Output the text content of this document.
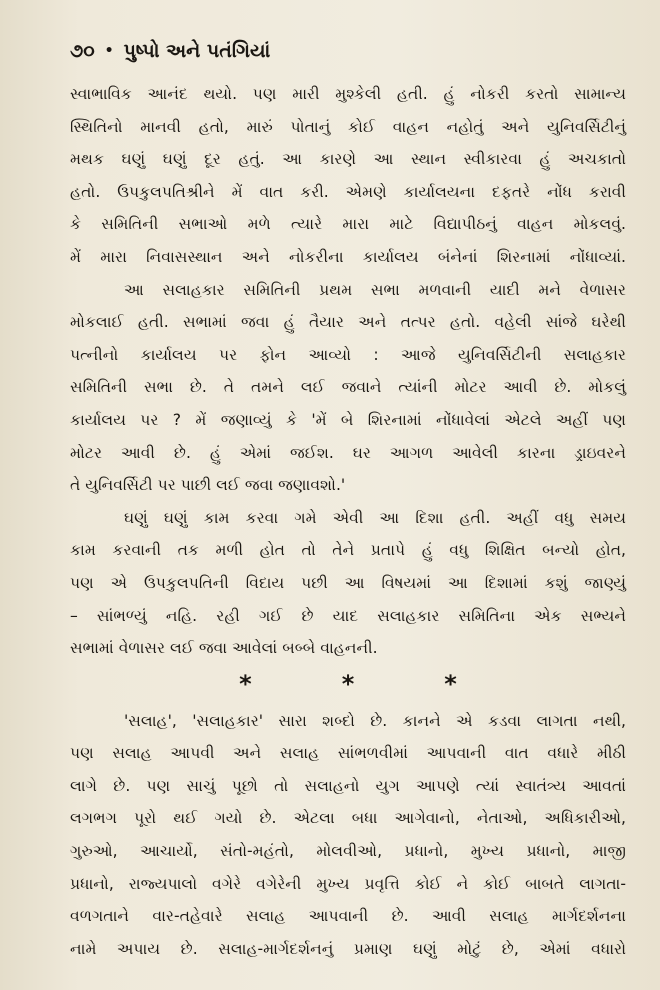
૭૦ • પુષ્પો અને પતંગિયાં

સ્વાભાવિક આનંદ થયો. પણ મારી મુશ્કેલી હતી. હું નોકરી કરતો સામાન્ય

સ્થિતિનો માનવી હતો, મારું પોતાનું કોઈ વાહન નહોતું અને યુનિવર્સિટીનું

મથક ઘણું ઘણું દૂર હતું. આ કારણે આ સ્થાન સ્વીકારવા હું અચકાતો

હતો. ઉપકુલપતિશ્રીને મેં વાત કરી. એમણે કાર્યાલયના દફતરે નોંધ કરાવી

કે સમિતિની સભાઓ મળે ત્યારે મારા માટે વિદ્યાપીઠનું વાહન મોકલવું.

મેં મારા નિવાસસ્થાન અને નોકરીના કાર્યાલય બંનેનાં શિરનામાં નોંધાવ્યાં.

આ સલાહકાર સમિતિની પ્રથમ સભા મળવાની યાદી મને વેળાસર

મોકલાઈ હતી. સભામાં જવા હું તૈયાર અને તત્પર હતો. વહેલી સાંજે ઘરેથી

પત્નીનો કાર્યાલય પર ફોન આવ્યો : આજે યુનિવર્સિટીની સલાહકાર

સમિતિની સભા છે. તે તમને લઈ જવાને ત્યાંની મોટર આવી છે. મોકલું

કાર્યાલય પર ? મેં જણાવ્યું કે 'મેં બે શિરનામાં નોંધાવેલાં એટલે અહીં પણ

મોટર આવી છે. હું એમાં જઈશ. ઘર આગળ આવેલી કારના ડ્રાઇવરને

તે યુનિવર્સિટી પર પાછી લઈ જવા જણાવશો.'

ઘણું ઘણું કામ કરવા ગમે એવી આ દિશા હતી. અહીં વધુ સમય

કામ કરવાની તક મળી હોત તો તેને પ્રતાપે હું વધુ શિક્ષિત બન્યો હોત,

પણ એ ઉપકુલપતિની વિદાય પછી આ વિષયમાં આ દિશામાં કશું જાણ્યું

– સાંભળ્યું નહિ. રહી ગઈ છે યાદ સલાહકાર સમિતિના એક સભ્યને

સભામાં વેળાસર લઈ જવા આવેલાં બબ્બે વાહનની.

*	*	*

'સલાહ', 'સલાહકાર' સારા શબ્દો છે. કાનને એ કડવા લાગતા નથી,

પણ સલાહ આપવી અને સલાહ સાંભળવીમાં આપવાની વાત વધારે મીઠી

લાગે છે. પણ સાચું પૂછો તો સલાહનો યુગ આપણે ત્યાં સ્વાતંત્ર્ય આવતાં

લગભગ પૂરો થઈ ગયો છે. એટલા બધા આગેવાનો, નેતાઓ, અધિકારીઓ,

ગુરુઓ, આચાર્યો, સંતો-મહંતો, મોલવીઓ, પ્રધાનો, મુખ્ય પ્રધાનો, માજી

પ્રધાનો, રાજ્યપાલો વગેરે વગેરેની મુખ્ય પ્રવૃત્તિ કોઈ ને કોઈ બાબતે લાગતા-

વળગતાને વાર-તહેવારે સલાહ આપવાની છે. આવી સલાહ માર્ગદર્શનના

નામે અપાય છે. સલાહ-માર્ગદર્શનનું પ્રમાણ ઘણું મોટું છે, એમાં વધારો
